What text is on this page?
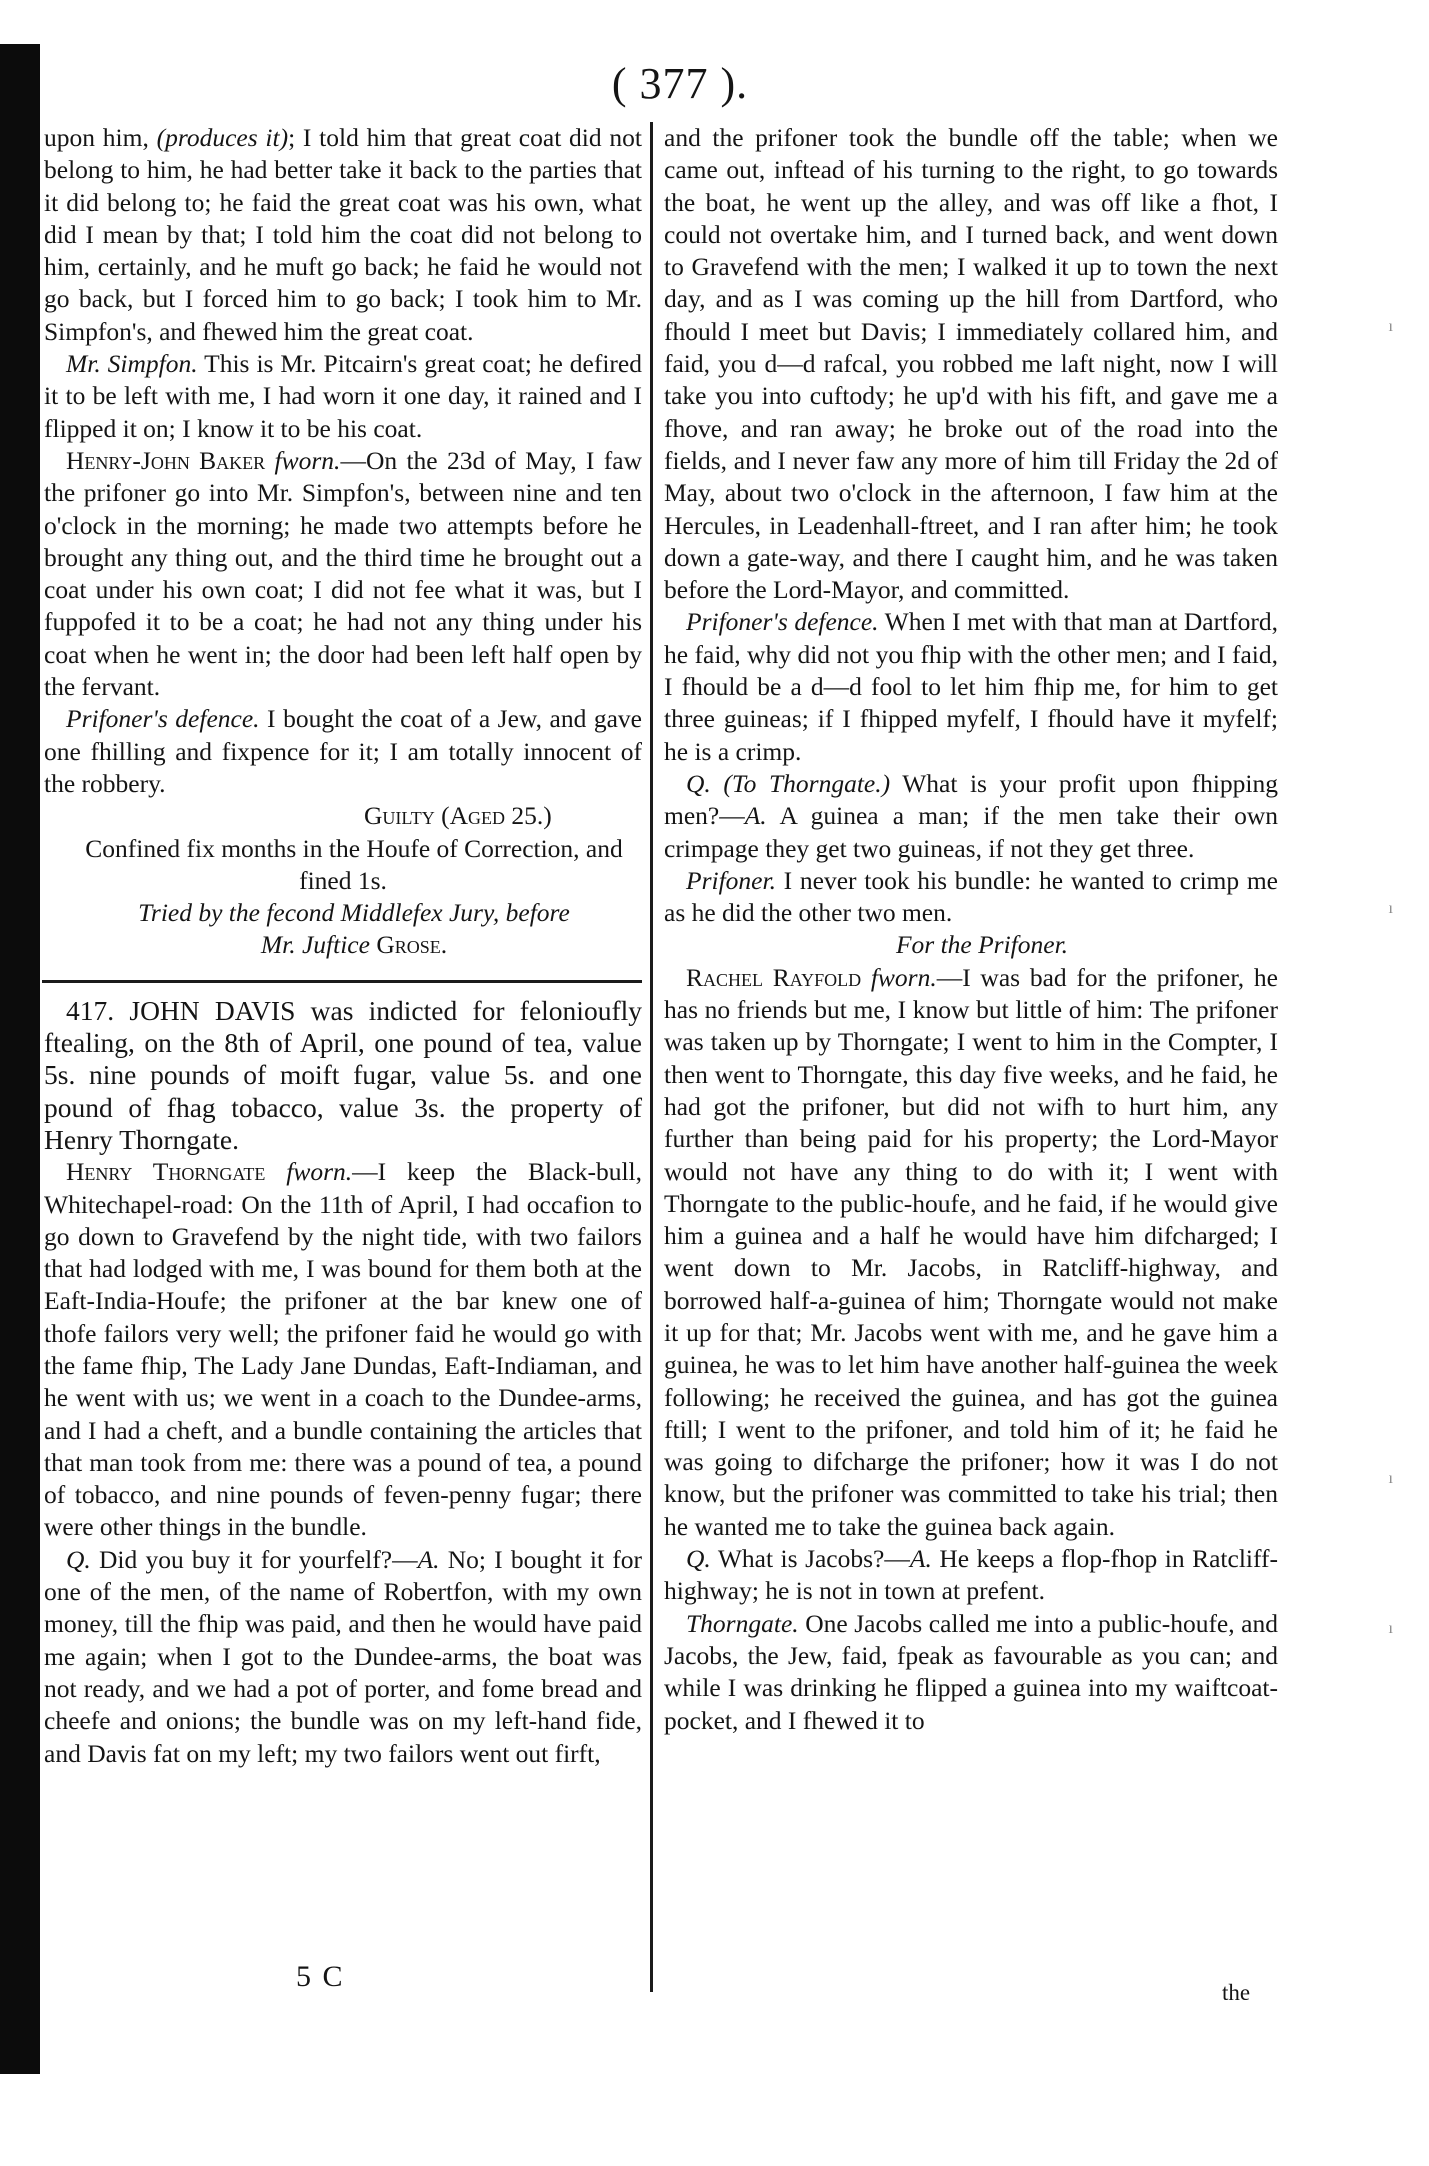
( 377 ).

upon him, (produces it); I told him that great coat did not belong to him, he had better take it back to the parties that it did belong to; he faid the great coat was his own, what did I mean by that; I told him the coat did not belong to him, certainly, and he muft go back; he faid he would not go back, but I forced him to go back; I took him to Mr. Simpfon's, and fhewed him the great coat.

Mr. Simpfon. This is Mr. Pitcairn's great coat; he defired it to be left with me, I had worn it one day, it rained and I flipped it on; I know it to be his coat.

Henry-John Baker fworn.—On the 23d of May, I faw the prifoner go into Mr. Simpfon's, between nine and ten o'clock in the morning; he made two attempts before he brought any thing out, and the third time he brought out a coat under his own coat; I did not fee what it was, but I fuppofed it to be a coat; he had not any thing under his coat when he went in; the door had been left half open by the fervant.

Prifoner's defence. I bought the coat of a Jew, and gave one fhilling and fixpence for it; I am totally innocent of the robbery.

Guilty (Aged 25.)

Confined fix months in the Houfe of Correction, and fined 1s.

Tried by the fecond Middlefex Jury, before

Mr. Juftice Grose.

417. JOHN DAVIS was indicted for felonioufly ftealing, on the 8th of April, one pound of tea, value 5s. nine pounds of moift fugar, value 5s. and one pound of fhag tobacco, value 3s. the property of Henry Thorngate.

Henry Thorngate fworn.—I keep the Black-bull, Whitechapel-road: On the 11th of April, I had occafion to go down to Gravefend by the night tide, with two failors that had lodged with me, I was bound for them both at the Eaft-India-Houfe; the prifoner at the bar knew one of thofe failors very well; the prifoner faid he would go with the fame fhip, The Lady Jane Dundas, Eaft-Indiaman, and he went with us; we went in a coach to the Dundee-arms, and I had a cheft, and a bundle containing the articles that that man took from me: there was a pound of tea, a pound of tobacco, and nine pounds of feven-penny fugar; there were other things in the bundle.

Q. Did you buy it for yourfelf?—A. No; I bought it for one of the men, of the name of Robertfon, with my own money, till the fhip was paid, and then he would have paid me again; when I got to the Dundee-arms, the boat was not ready, and we had a pot of porter, and fome bread and cheefe and onions; the bundle was on my left-hand fide, and Davis fat on my left; my two failors went out firft,

and the prifoner took the bundle off the table; when we came out, inftead of his turning to the right, to go towards the boat, he went up the alley, and was off like a fhot, I could not overtake him, and I turned back, and went down to Gravefend with the men; I walked it up to town the next day, and as I was coming up the hill from Dartford, who fhould I meet but Davis; I immediately collared him, and faid, you d—d rafcal, you robbed me laft night, now I will take you into cuftody; he up'd with his fift, and gave me a fhove, and ran away; he broke out of the road into the fields, and I never faw any more of him till Friday the 2d of May, about two o'clock in the afternoon, I faw him at the Hercules, in Leadenhall-ftreet, and I ran after him; he took down a gate-way, and there I caught him, and he was taken before the Lord-Mayor, and committed.

Prifoner's defence. When I met with that man at Dartford, he faid, why did not you fhip with the other men; and I faid, I fhould be a d—d fool to let him fhip me, for him to get three guineas; if I fhipped myfelf, I fhould have it myfelf; he is a crimp.

Q. (To Thorngate.) What is your profit upon fhipping men?—A. A guinea a man; if the men take their own crimpage they get two guineas, if not they get three.

Prifoner. I never took his bundle: he wanted to crimp me as he did the other two men.

For the Prifoner.

Rachel Rayfold fworn.—I was bad for the prifoner, he has no friends but me, I know but little of him: The prifoner was taken up by Thorngate; I went to him in the Compter, I then went to Thorngate, this day five weeks, and he faid, he had got the prifoner, but did not wifh to hurt him, any further than being paid for his property; the Lord-Mayor would not have any thing to do with it; I went with Thorngate to the public-houfe, and he faid, if he would give him a guinea and a half he would have him difcharged; I went down to Mr. Jacobs, in Ratcliff-highway, and borrowed half-a-guinea of him; Thorngate would not make it up for that; Mr. Jacobs went with me, and he gave him a guinea, he was to let him have another half-guinea the week following; he received the guinea, and has got the guinea ftill; I went to the prifoner, and told him of it; he faid he was going to difcharge the prifoner; how it was I do not know, but the prifoner was committed to take his trial; then he wanted me to take the guinea back again.

Q. What is Jacobs?—A. He keeps a flop-fhop in Ratcliff-highway; he is not in town at prefent.

Thorngate. One Jacobs called me into a public-houfe, and Jacobs, the Jew, faid, fpeak as favourable as you can; and while I was drinking he flipped a guinea into my waiftcoat-pocket, and I fhewed it to

5 C	the
ı
ı
ı
ı
